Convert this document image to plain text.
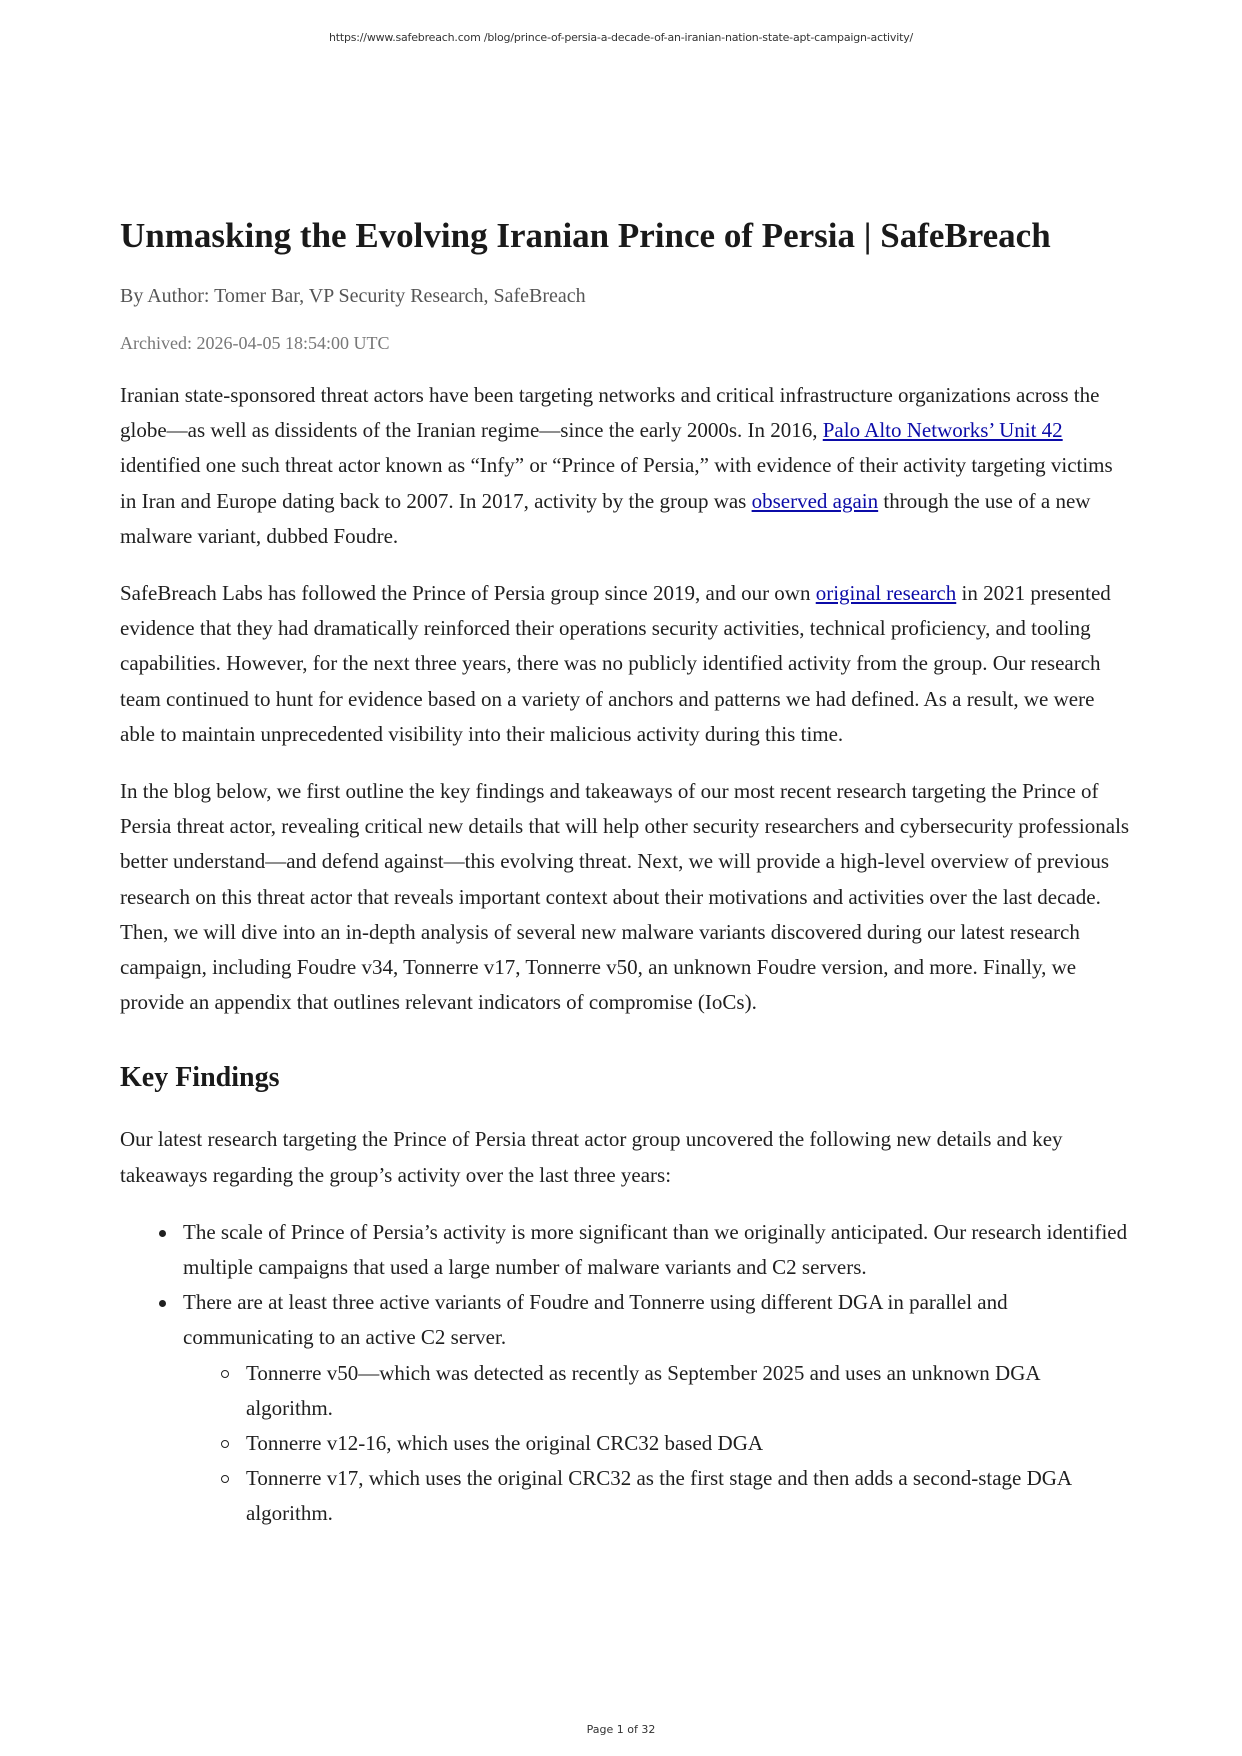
https://www.safebreach.com /blog/prince-of-persia-a-decade-of-an-iranian-nation-state-apt-campaign-activity/
Unmasking the Evolving Iranian Prince of Persia | SafeBreach
By Author: Tomer Bar, VP Security Research, SafeBreach
Archived: 2026-04-05 18:54:00 UTC

Iranian state-sponsored threat actors have been targeting networks and critical infrastructure organizations across the globe—as well as dissidents of the Iranian regime—since the early 2000s. In 2016, Palo Alto Networks’ Unit 42 identified one such threat actor known as “Infy” or “Prince of Persia,” with evidence of their activity targeting victims in Iran and Europe dating back to 2007. In 2017, activity by the group was observed again through the use of a new malware variant, dubbed Foudre.

SafeBreach Labs has followed the Prince of Persia group since 2019, and our own original research in 2021 presented evidence that they had dramatically reinforced their operations security activities, technical proficiency, and tooling capabilities. However, for the next three years, there was no publicly identified activity from the group. Our research team continued to hunt for evidence based on a variety of anchors and patterns we had defined. As a result, we were able to maintain unprecedented visibility into their malicious activity during this time.

In the blog below, we first outline the key findings and takeaways of our most recent research targeting the Prince of Persia threat actor, revealing critical new details that will help other security researchers and cybersecurity professionals better understand—and defend against—this evolving threat. Next, we will provide a high-level overview of previous research on this threat actor that reveals important context about their motivations and activities over the last decade. Then, we will dive into an in-depth analysis of several new malware variants discovered during our latest research campaign, including Foudre v34, Tonnerre v17, Tonnerre v50, an unknown Foudre version, and more. Finally, we provide an appendix that outlines relevant indicators of compromise (IoCs).

Key Findings

Our latest research targeting the Prince of Persia threat actor group uncovered the following new details and key takeaways regarding the group’s activity over the last three years:

The scale of Prince of Persia’s activity is more significant than we originally anticipated. Our research identified multiple campaigns that used a large number of malware variants and C2 servers.
There are at least three active variants of Foudre and Tonnerre using different DGA in parallel and communicating to an active C2 server.
Tonnerre v50—which was detected as recently as September 2025 and uses an unknown DGA algorithm.
Tonnerre v12-16, which uses the original CRC32 based DGA
Tonnerre v17, which uses the original CRC32 as the first stage and then adds a second-stage DGA algorithm.
Page 1 of 32
